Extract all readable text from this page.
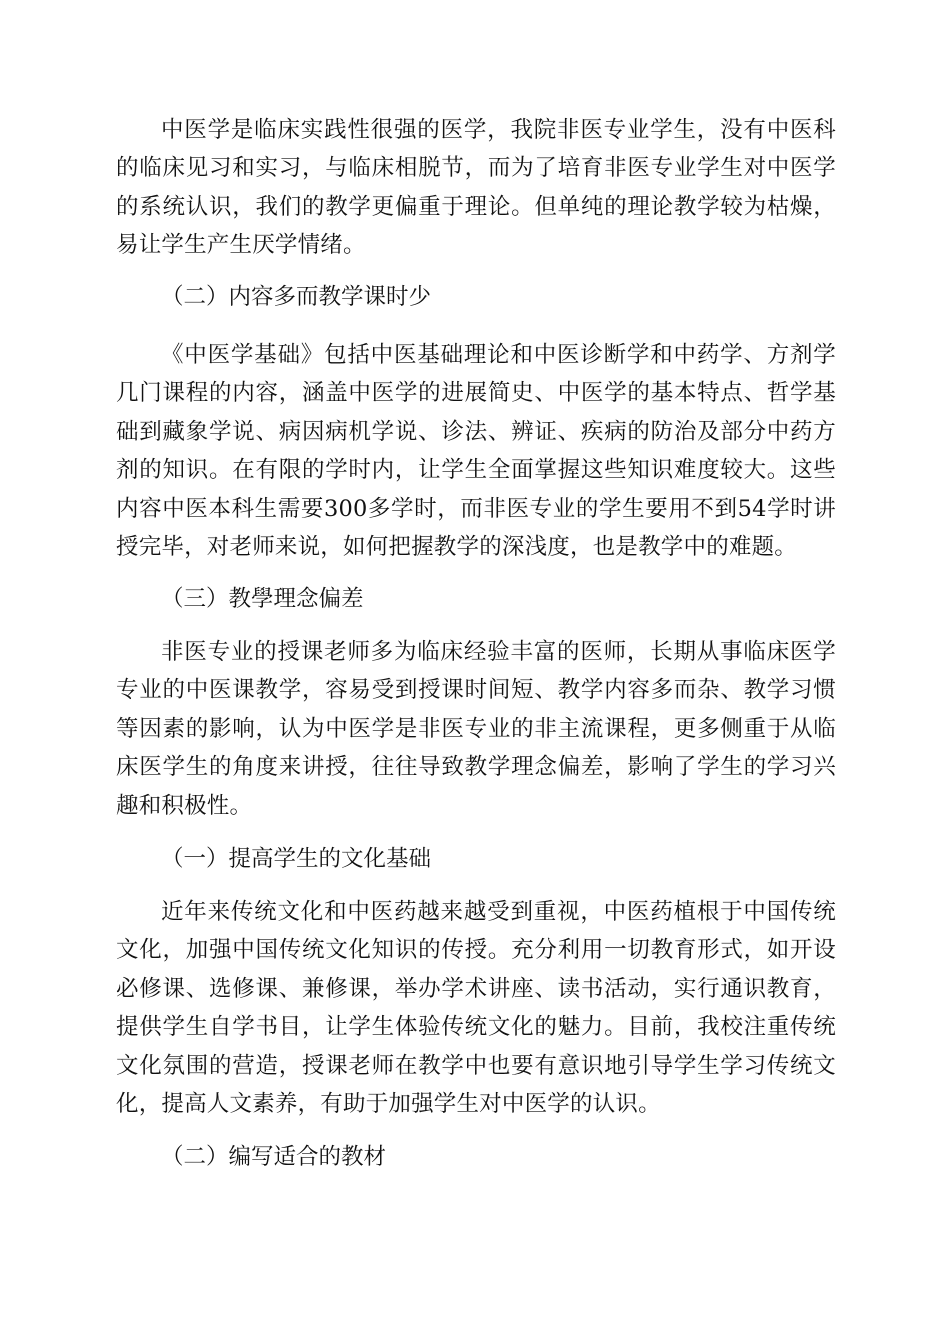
中医学是临床实践性很强的医学，我院非医专业学生，没有中医科的临床见习和实习，与临床相脱节，而为了培育非医专业学生对中医学的系统认识，我们的教学更偏重于理论。但单纯的理论教学较为枯燥，易让学生产生厌学情绪。

（二）内容多而教学课时少

《中医学基础》包括中医基础理论和中医诊断学和中药学、方剂学几门课程的内容，涵盖中医学的进展简史、中医学的基本特点、哲学基础到藏象学说、病因病机学说、诊法、辨证、疾病的防治及部分中药方剂的知识。在有限的学时内，让学生全面掌握这些知识难度较大。这些内容中医本科生需要300多学时，而非医专业的学生要用不到54学时讲授完毕，对老师来说，如何把握教学的深浅度，也是教学中的难题。

（三）教學理念偏差

非医专业的授课老师多为临床经验丰富的医师，长期从事临床医学专业的中医课教学，容易受到授课时间短、教学内容多而杂、教学习惯等因素的影响，认为中医学是非医专业的非主流课程，更多侧重于从临床医学生的角度来讲授，往往导致教学理念偏差，影响了学生的学习兴趣和积极性。

（一）提高学生的文化基础

近年来传统文化和中医药越来越受到重视，中医药植根于中国传统文化，加强中国传统文化知识的传授。充分利用一切教育形式，如开设必修课、选修课、兼修课，举办学术讲座、读书活动，实行通识教育，提供学生自学书目，让学生体验传统文化的魅力。目前，我校注重传统文化氛围的营造，授课老师在教学中也要有意识地引导学生学习传统文化，提高人文素养，有助于加强学生对中医学的认识。

（二）编写适合的教材
